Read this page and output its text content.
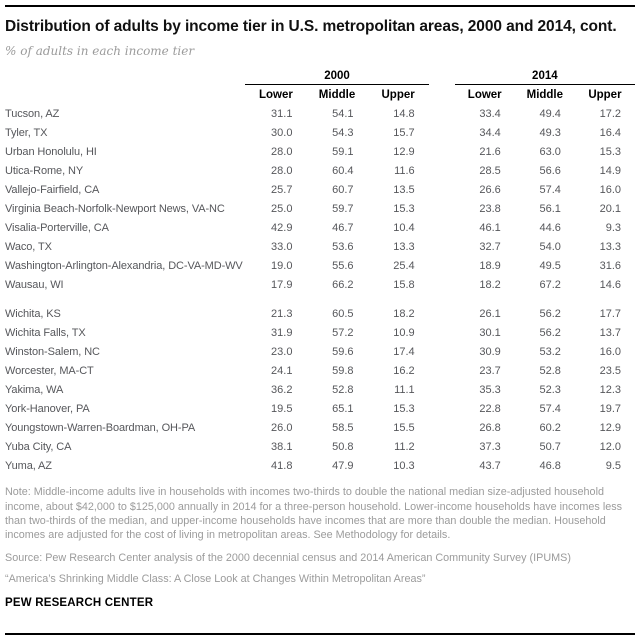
Distribution of adults by income tier in U.S. metropolitan areas, 2000 and 2014, cont.
% of adults in each income tier
	2000				2014		
	Lower	Middle	Upper		Lower	Middle	Upper
Tucson, AZ	31.1	54.1	14.8		33.4	49.4	17.2
Tyler, TX	30.0	54.3	15.7		34.4	49.3	16.4
Urban Honolulu, HI	28.0	59.1	12.9		21.6	63.0	15.3
Utica-Rome, NY	28.0	60.4	11.6		28.5	56.6	14.9
Vallejo-Fairfield, CA	25.7	60.7	13.5		26.6	57.4	16.0
Virginia Beach-Norfolk-Newport News, VA-NC	25.0	59.7	15.3		23.8	56.1	20.1
Visalia-Porterville, CA	42.9	46.7	10.4		46.1	44.6	9.3
Waco, TX	33.0	53.6	13.3		32.7	54.0	13.3
Washington-Arlington-Alexandria, DC-VA-MD-WV	19.0	55.6	25.4		18.9	49.5	31.6
Wausau, WI	17.9	66.2	15.8		18.2	67.2	14.6

Wichita, KS	21.3	60.5	18.2		26.1	56.2	17.7
Wichita Falls, TX	31.9	57.2	10.9		30.1	56.2	13.7
Winston-Salem, NC	23.0	59.6	17.4		30.9	53.2	16.0
Worcester, MA-CT	24.1	59.8	16.2		23.7	52.8	23.5
Yakima, WA	36.2	52.8	11.1		35.3	52.3	12.3
York-Hanover, PA	19.5	65.1	15.3		22.8	57.4	19.7
Youngstown-Warren-Boardman, OH-PA	26.0	58.5	15.5		26.8	60.2	12.9
Yuba City, CA	38.1	50.8	11.2		37.3	50.7	12.0
Yuma, AZ	41.8	47.9	10.3		43.7	46.8	9.5
Note: Middle-income adults live in households with incomes two-thirds to double the national median size-adjusted household income, about $42,000 to $125,000 annually in 2014 for a three-person household. Lower-income households have incomes less than two-thirds of the median, and upper-income households have incomes that are more than double the median. Household incomes are adjusted for the cost of living in metropolitan areas. See Methodology for details.
Source: Pew Research Center analysis of the 2000 decennial census and 2014 American Community Survey (IPUMS)
“America’s Shrinking Middle Class: A Close Look at Changes Within Metropolitan Areas”
PEW RESEARCH CENTER
